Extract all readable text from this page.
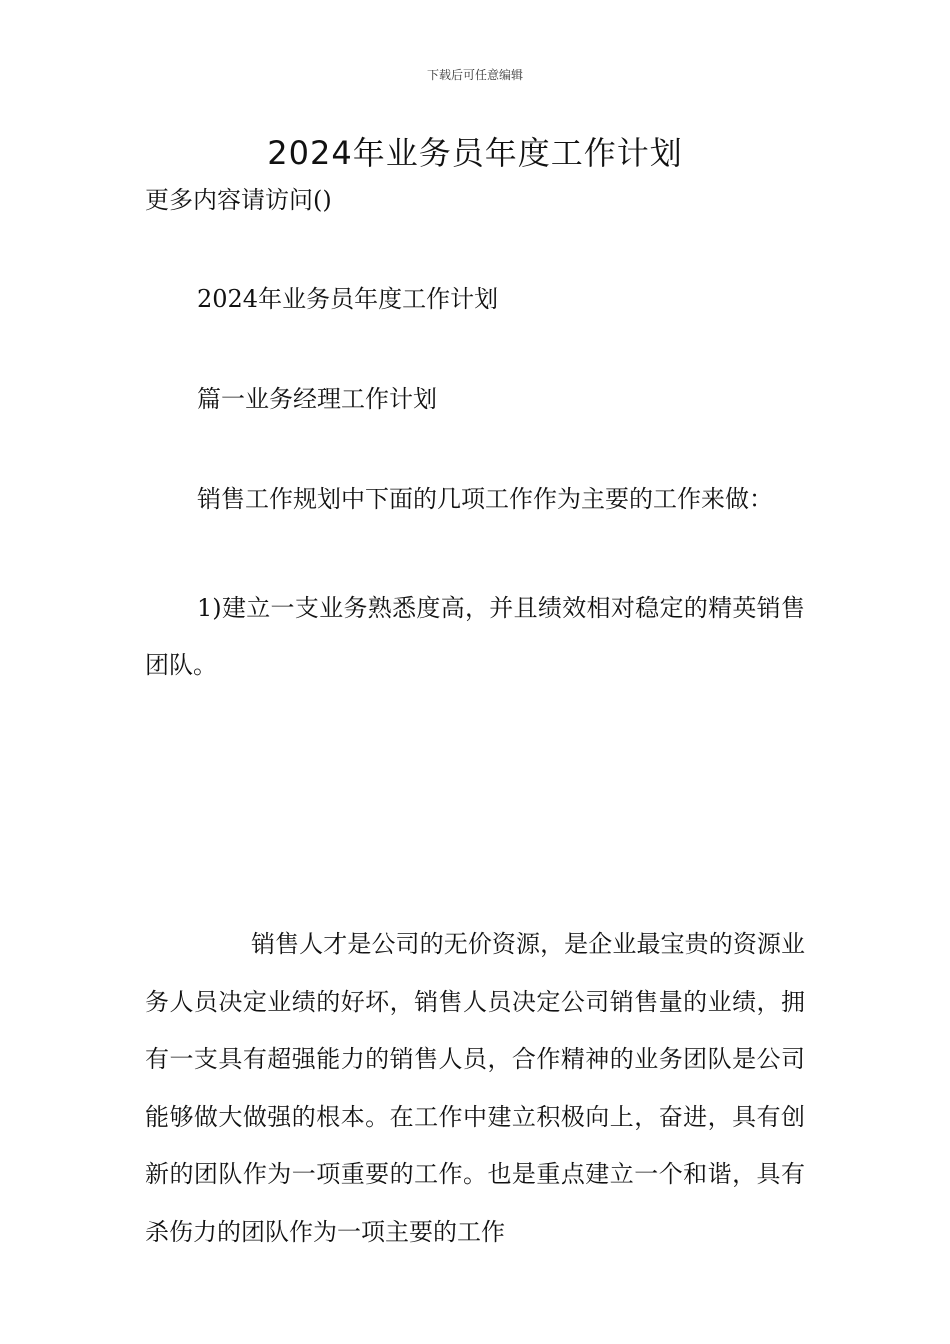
下载后可任意编辑
2024年业务员年度工作计划

更多内容请访问()

2024年业务员年度工作计划

篇一业务经理工作计划

销售工作规划中下面的几项工作作为主要的工作来做：

1)建立一支业务熟悉度高，并且绩效相对稳定的精英销售团队。

销售人才是公司的无价资源，是企业最宝贵的资源业务人员决定业绩的好坏，销售人员决定公司销售量的业绩，拥有一支具有超强能力的销售人员，合作精神的业务团队是公司能够做大做强的根本。在工作中建立积极向上，奋进，具有创新的团队作为一项重要的工作。也是重点建立一个和谐，具有杀伤力的团队作为一项主要的工作
